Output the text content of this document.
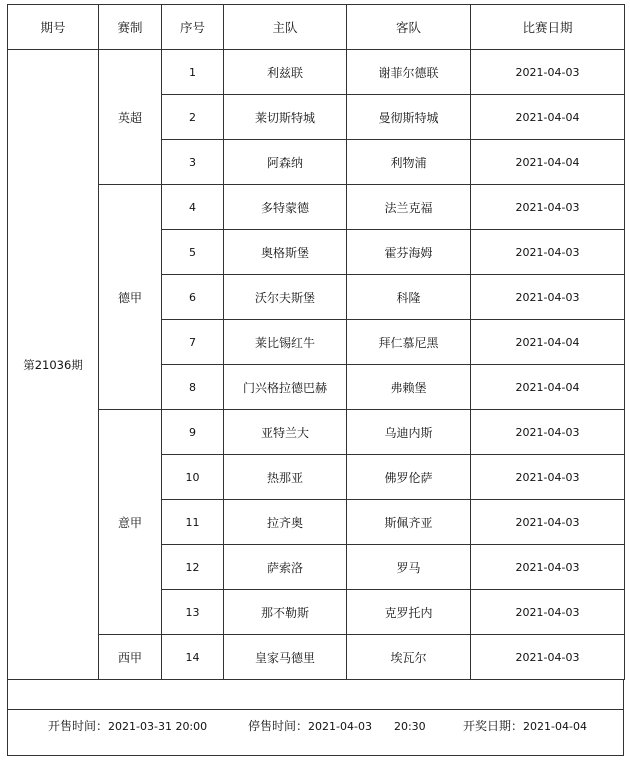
期号	赛制	序号	主队	客队	比赛日期
第21036期	英超	1	利兹联	谢菲尔德联	2021-04-03
		2	莱切斯特城	曼彻斯特城	2021-04-04
		3	阿森纳	利物浦	2021-04-04
	德甲	4	多特蒙德	法兰克福	2021-04-03
		5	奥格斯堡	霍芬海姆	2021-04-03
		6	沃尔夫斯堡	科隆	2021-04-03
		7	莱比锡红牛	拜仁慕尼黑	2021-04-04
		8	门兴格拉德巴赫	弗赖堡	2021-04-04
	意甲	9	亚特兰大	乌迪内斯	2021-04-03
		10	热那亚	佛罗伦萨	2021-04-03
		11	拉齐奥	斯佩齐亚	2021-04-03
		12	萨索洛	罗马	2021-04-03
		13	那不勒斯	克罗托内	2021-04-03
	西甲	14	皇家马德里	埃瓦尔	2021-04-03
开售时间：2021-03-31 20:00	停售时间：2021-04-03 20:30	开奖日期：2021-04-04
